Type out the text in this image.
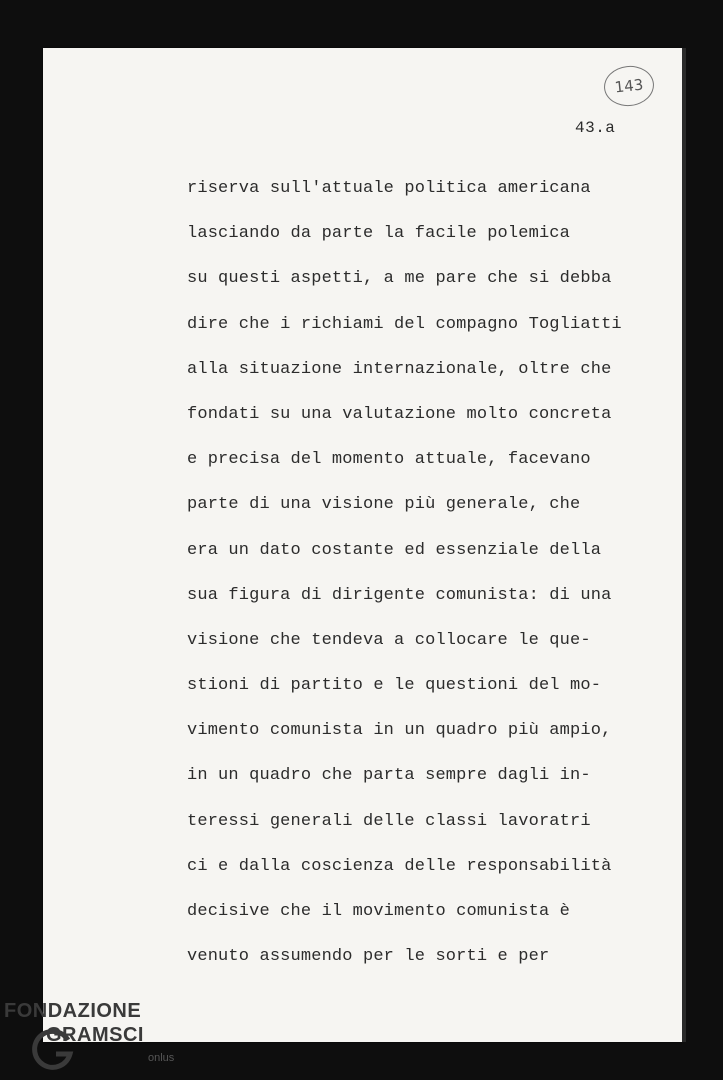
143
43.a
riserva sull'attuale politica americana
lasciando da parte la facile polemica
su questi aspetti, a me pare che si debba
dire che i richiami del compagno Togliatti
alla situazione internazionale, oltre che
fondati su una valutazione molto concreta
e precisa del momento attuale, facevano
parte di una visione più generale, che
era un dato costante ed essenziale della
sua figura di dirigente comunista: di una
visione che tendeva a collocare le que-
stioni di partito e le questioni del mo-
vimento comunista in un quadro più ampio,
in un quadro che parta sempre dagli in-
teressi generali delle classi lavoratri
ci e dalla coscienza delle responsabilità
decisive che il movimento comunista è
venuto assumendo per le sorti e per
FONDAZIONE
GRAMSCI
onlus
